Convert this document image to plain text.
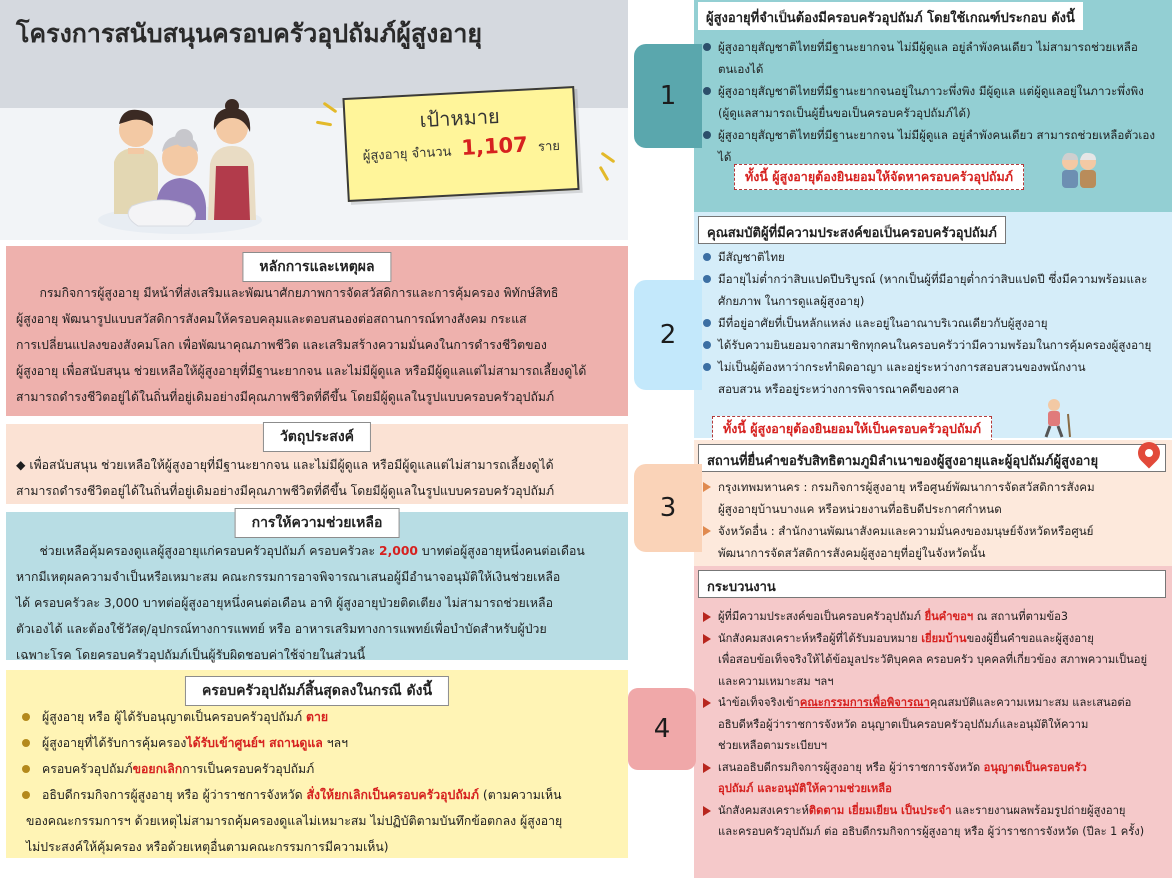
โครงการสนับสนุนครอบครัวอุปถัมภ์ผู้สูงอายุ
เป้าหมาย
ผู้สูงอายุ จำนวน 1,107 ราย
หลักการและเหตุผล
กรมกิจการผู้สูงอายุ มีหน้าที่ส่งเสริมและพัฒนาศักยภาพการจัดสวัสดิการและการคุ้มครอง พิทักษ์สิทธิ
ผู้สูงอายุ พัฒนารูปแบบสวัสดิการสังคมให้ครอบคลุมและตอบสนองต่อสถานการณ์ทางสังคม กระแส
การเปลี่ยนแปลงของสังคมโลก เพื่อพัฒนาคุณภาพชีวิต และเสริมสร้างความมั่นคงในการดำรงชีวิตของ
ผู้สูงอายุ เพื่อสนับสนุน ช่วยเหลือให้ผู้สูงอายุที่มีฐานะยากจน และไม่มีผู้ดูแล หรือมีผู้ดูแลแต่ไม่สามารถเลี้ยงดูได้
สามารถดำรงชีวิตอยู่ได้ในถิ่นที่อยู่เดิมอย่างมีคุณภาพชีวิตที่ดีขึ้น โดยมีผู้ดูแลในรูปแบบครอบครัวอุปถัมภ์
วัตถุประสงค์
◆ เพื่อสนับสนุน ช่วยเหลือให้ผู้สูงอายุที่มีฐานะยากจน และไม่มีผู้ดูแล หรือมีผู้ดูแลแต่ไม่สามารถเลี้ยงดูได้
สามารถดำรงชีวิตอยู่ได้ในถิ่นที่อยู่เดิมอย่างมีคุณภาพชีวิตที่ดีขึ้น โดยมีผู้ดูแลในรูปแบบครอบครัวอุปถัมภ์
การให้ความช่วยเหลือ
ช่วยเหลือคุ้มครองดูแลผู้สูงอายุแก่ครอบครัวอุปถัมภ์ ครอบครัวละ 2,000 บาทต่อผู้สูงอายุหนึ่งคนต่อเดือน
หากมีเหตุผลความจำเป็นหรือเหมาะสม คณะกรรมการอาจพิจารณาเสนอผู้มีอำนาจอนุมัติให้เงินช่วยเหลือ
ได้ ครอบครัวละ 3,000 บาทต่อผู้สูงอายุหนึ่งคนต่อเดือน อาทิ ผู้สูงอายุป่วยติดเตียง ไม่สามารถช่วยเหลือ
ตัวเองได้ และต้องใช้วัสดุ/อุปกรณ์ทางการแพทย์ หรือ อาหารเสริมทางการแพทย์เพื่อบำบัดสำหรับผู้ป่วย
เฉพาะโรค โดยครอบครัวอุปถัมภ์เป็นผู้รับผิดชอบค่าใช้จ่ายในส่วนนี้
ครอบครัวอุปถัมภ์สิ้นสุดลงในกรณี ดังนี้
ผู้สูงอายุ หรือ ผู้ได้รับอนุญาตเป็นครอบครัวอุปถัมภ์ ตาย
ผู้สูงอายุที่ได้รับการคุ้มครองได้รับเข้าศูนย์ฯ สถานดูแล ฯลฯ
ครอบครัวอุปถัมภ์ขอยกเลิกการเป็นครอบครัวอุปถัมภ์
อธิบดีกรมกิจการผู้สูงอายุ หรือ ผู้ว่าราชการจังหวัด สั่งให้ยกเลิกเป็นครอบครัวอุปถัมภ์ (ตามความเห็น
ของคณะกรรมการฯ ด้วยเหตุไม่สามารถคุ้มครองดูแลไม่เหมาะสม ไม่ปฏิบัติตามบันทึกข้อตกลง ผู้สูงอายุ
ไม่ประสงค์ให้คุ้มครอง หรือด้วยเหตุอื่นตามคณะกรรมการมีความเห็น)
ผู้สูงอายุที่จำเป็นต้องมีครอบครัวอุปถัมภ์ โดยใช้เกณฑ์ประกอบ ดังนี้
ผู้สูงอายุสัญชาติไทยที่มีฐานะยากจน ไม่มีผู้ดูแล อยู่ลำพังคนเดียว ไม่สามารถช่วยเหลือ
ตนเองได้
ผู้สูงอายุสัญชาติไทยที่มีฐานะยากจนอยู่ในภาวะพึ่งพิง มีผู้ดูแล แต่ผู้ดูแลอยู่ในภาวะพึ่งพิง
(ผู้ดูแลสามารถเป็นผู้ยื่นขอเป็นครอบครัวอุปถัมภ์ได้)
ผู้สูงอายุสัญชาติไทยที่มีฐานะยากจน ไม่มีผู้ดูแล อยู่ลำพังคนเดียว สามารถช่วยเหลือตัวเองได้
ทั้งนี้ ผู้สูงอายุต้องยินยอมให้จัดหาครอบครัวอุปถัมภ์
1
คุณสมบัติผู้ที่มีความประสงค์ขอเป็นครอบครัวอุปถัมภ์
มีสัญชาติไทย
มีอายุไม่ต่ำกว่าสิบแปดปีบริบูรณ์ (หากเป็นผู้ที่มีอายุต่ำกว่าสิบแปดปี ซึ่งมีความพร้อมและ
ศักยภาพ ในการดูแลผู้สูงอายุ)
มีที่อยู่อาศัยที่เป็นหลักแหล่ง และอยู่ในอาณาบริเวณเดียวกับผู้สูงอายุ
ได้รับความยินยอมจากสมาชิกทุกคนในครอบครัวว่ามีความพร้อมในการคุ้มครองผู้สูงอายุ
ไม่เป็นผู้ต้องหาว่ากระทำผิดอาญา และอยู่ระหว่างการสอบสวนของพนักงาน
สอบสวน หรืออยู่ระหว่างการพิจารณาคดีของศาล
ทั้งนี้ ผู้สูงอายุต้องยินยอมให้เป็นครอบครัวอุปถัมภ์
2
สถานที่ยื่นคำขอรับสิทธิตามภูมิลำเนาของผู้สูงอายุและผู้อุปถัมภ์ผู้สูงอายุ
กรุงเทพมหานคร : กรมกิจการผู้สูงอายุ หรือศูนย์พัฒนาการจัดสวัสดิการสังคม
ผู้สูงอายุบ้านบางแค หรือหน่วยงานที่อธิบดีประกาศกำหนด
จังหวัดอื่น : สำนักงานพัฒนาสังคมและความมั่นคงของมนุษย์จังหวัดหรือศูนย์
พัฒนาการจัดสวัสดิการสังคมผู้สูงอายุที่อยู่ในจังหวัดนั้น
3
กระบวนงาน
ผู้ที่มีความประสงค์ขอเป็นครอบครัวอุปถัมภ์ ยื่นคำขอฯ ณ สถานที่ตามข้อ3
นักสังคมสงเคราะห์หรือผู้ที่ได้รับมอบหมาย เยี่ยมบ้านของผู้ยื่นคำขอและผู้สูงอายุ
เพื่อสอบข้อเท็จจริงให้ได้ข้อมูลประวัติบุคคล ครอบครัว บุคคลที่เกี่ยวข้อง สภาพความเป็นอยู่
และความเหมาะสม ฯลฯ
นำข้อเท็จจริงเข้าคณะกรรมการเพื่อพิจารณาคุณสมบัติและความเหมาะสม และเสนอต่อ
อธิบดีหรือผู้ว่าราชการจังหวัด อนุญาตเป็นครอบครัวอุปถัมภ์และอนุมัติให้ความ
ช่วยเหลือตามระเบียบฯ
เสนออธิบดีกรมกิจการผู้สูงอายุ หรือ ผู้ว่าราชการจังหวัด อนุญาตเป็นครอบครัว
อุปถัมภ์ และอนุมัติให้ความช่วยเหลือ
นักสังคมสงเคราะห์ติดตาม เยี่ยมเยียน เป็นประจำ และรายงานผลพร้อมรูปถ่ายผู้สูงอายุ
และครอบครัวอุปถัมภ์ ต่อ อธิบดีกรมกิจการผู้สูงอายุ หรือ ผู้ว่าราชการจังหวัด (ปีละ 1 ครั้ง)
4
